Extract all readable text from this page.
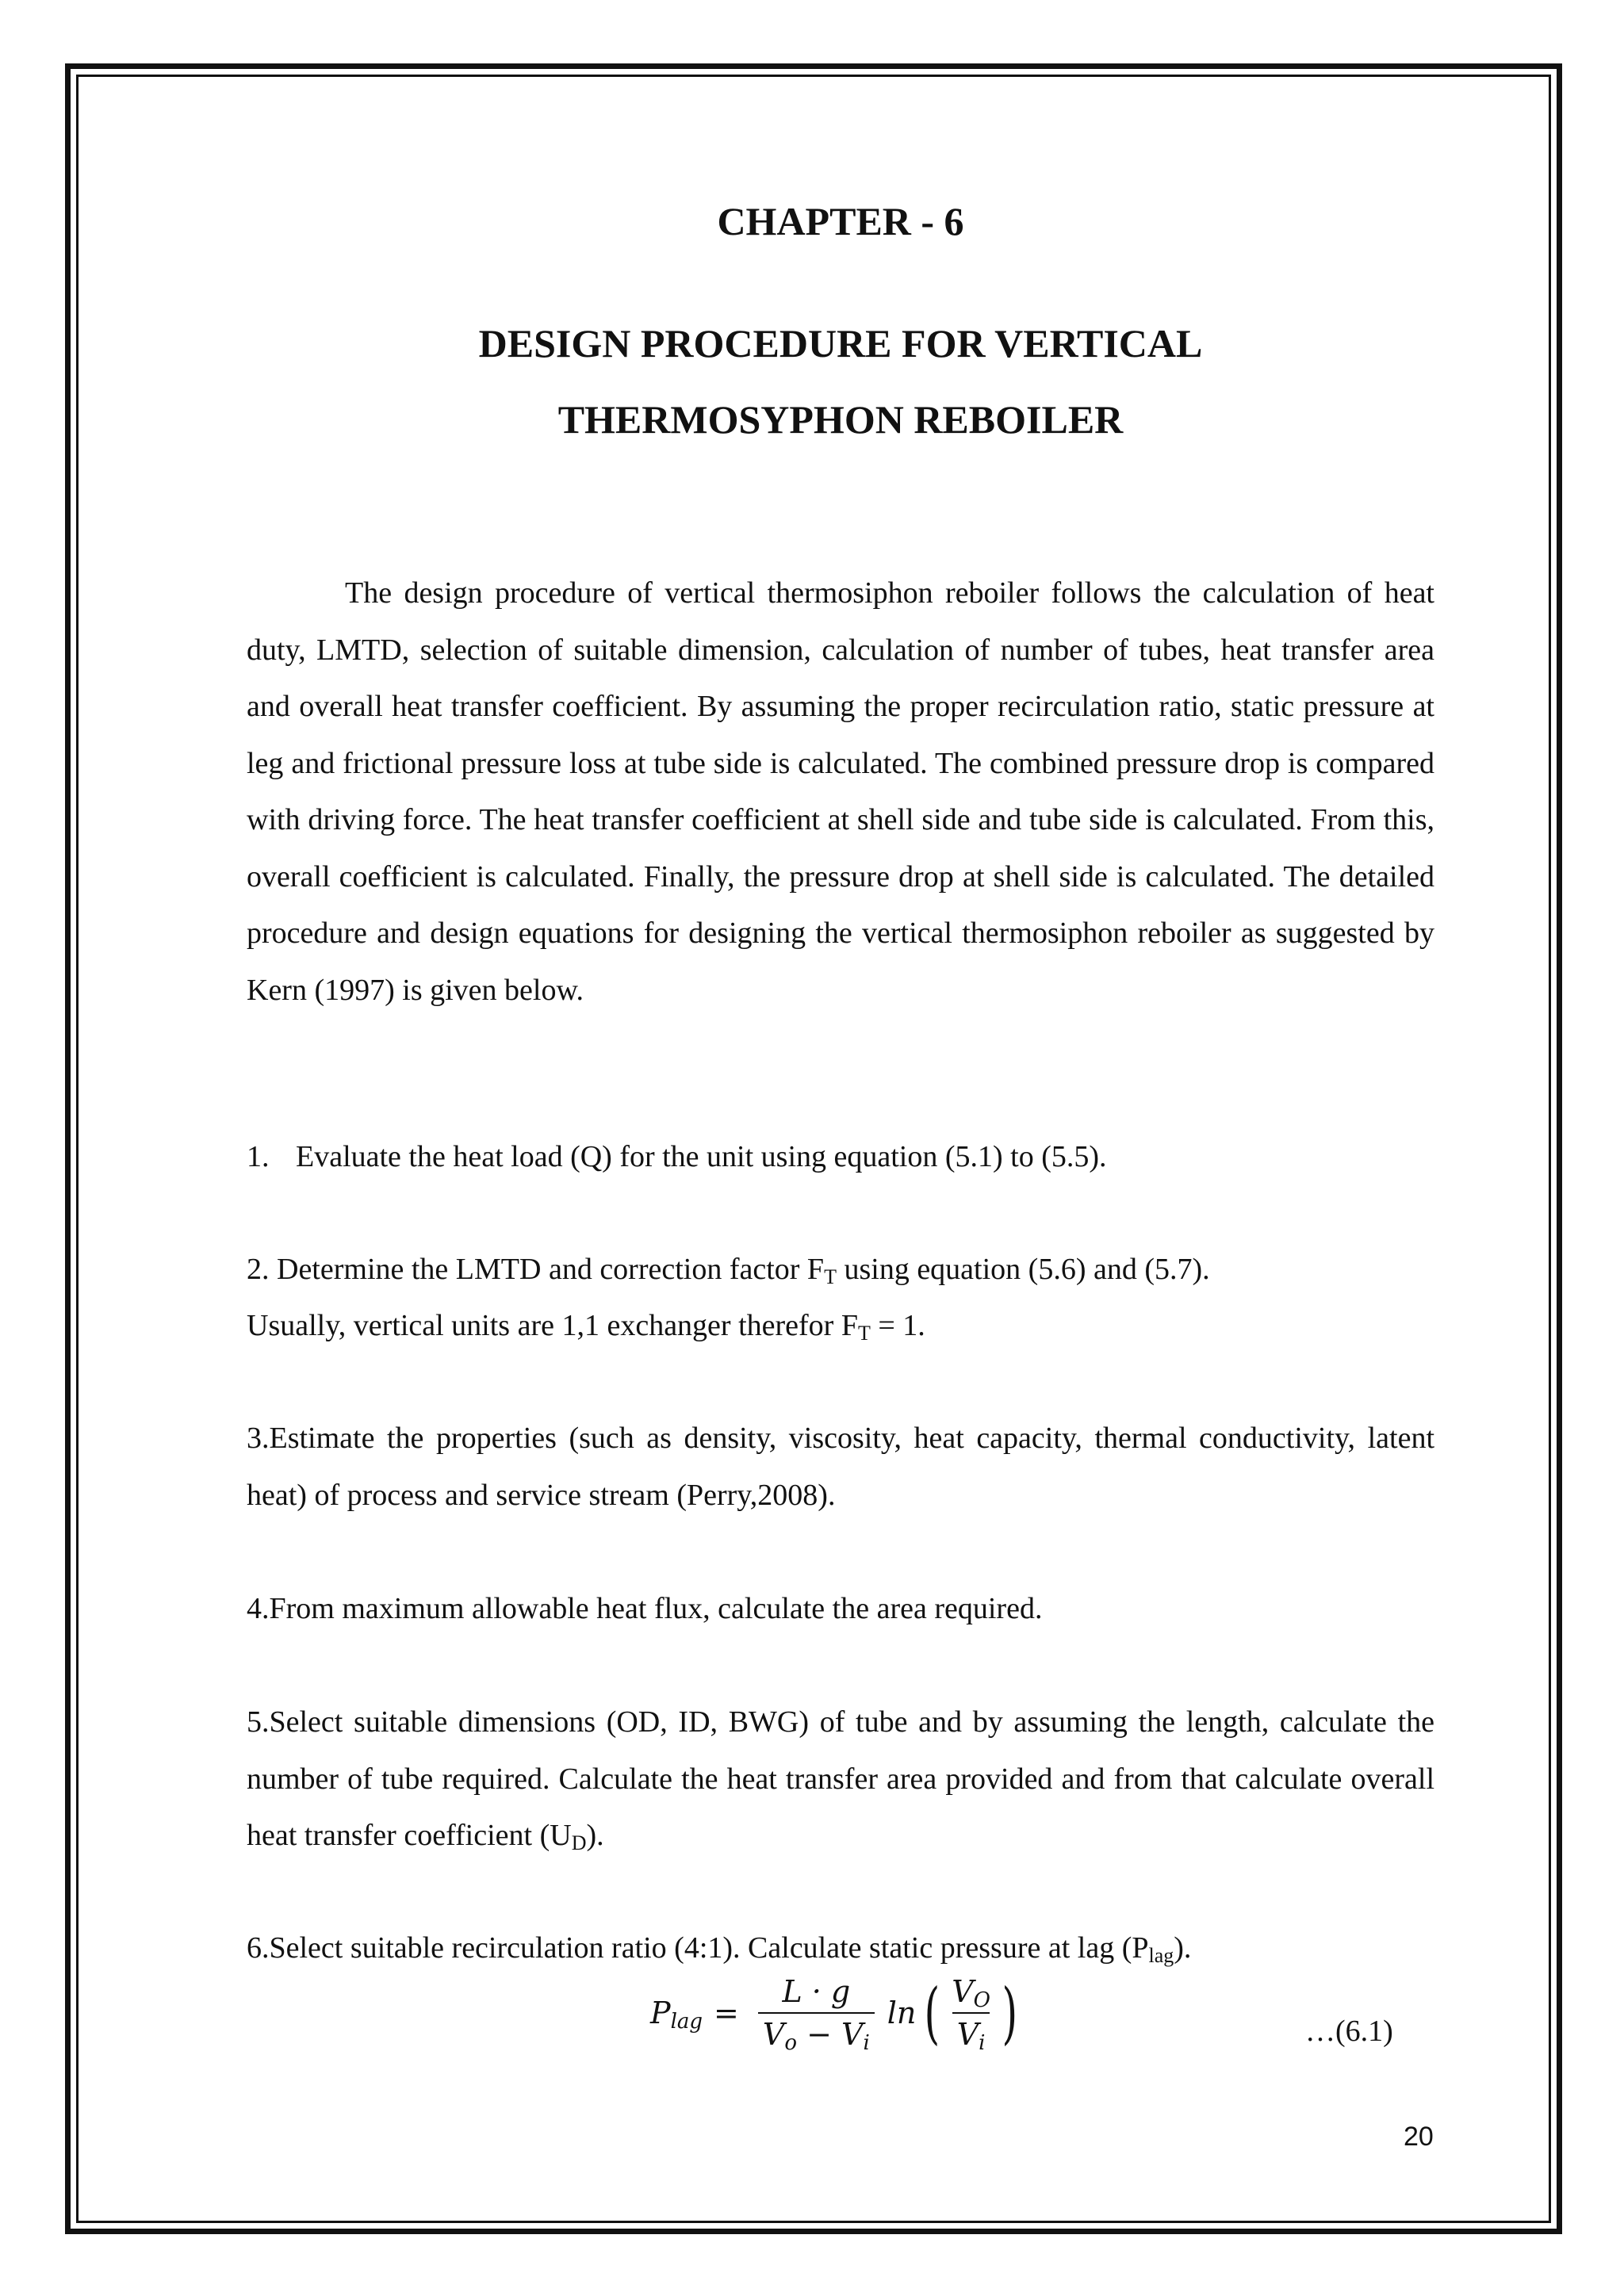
CHAPTER - 6
DESIGN PROCEDURE FOR VERTICAL
THERMOSYPHON REBOILER

The design procedure of vertical thermosiphon reboiler follows the calculation of heat duty, LMTD, selection of suitable dimension, calculation of number of tubes, heat transfer area and overall heat transfer coefficient. By assuming the proper recirculation ratio, static pressure at leg and frictional pressure loss at tube side is calculated. The combined pressure drop is compared with driving force. The heat transfer coefficient at shell side and tube side is calculated. From this, overall coefficient is calculated. Finally, the pressure drop at shell side is calculated. The detailed procedure and design equations for designing the vertical thermosiphon reboiler as suggested by Kern (1997) is given below.

1. Evaluate the heat load (Q) for the unit using equation (5.1) to (5.5).
2. Determine the LMTD and correction factor $F_T$ using equation (5.6) and (5.7).
Usually, vertical units are 1,1 exchanger therefor $F_T = 1$.

3.Estimate the properties (such as density, viscosity, heat capacity, thermal conductivity, latent heat) of process and service stream (Perry,2008).

4.From maximum allowable heat flux, calculate the area required.

5.Select suitable dimensions (OD, ID, BWG) of tube and by assuming the length, calculate the number of tube required. Calculate the heat transfer area provided and from that calculate overall heat transfer coefficient $(U_D)$.

6.Select suitable recirculation ratio (4:1). Calculate static pressure at lag $(P_{lag})$.
$P_{lag} = \frac{L \cdot g}{V_o - V_i}$ ln ( $\frac{V_O}{V_i}$ )	…(6.1)
20
